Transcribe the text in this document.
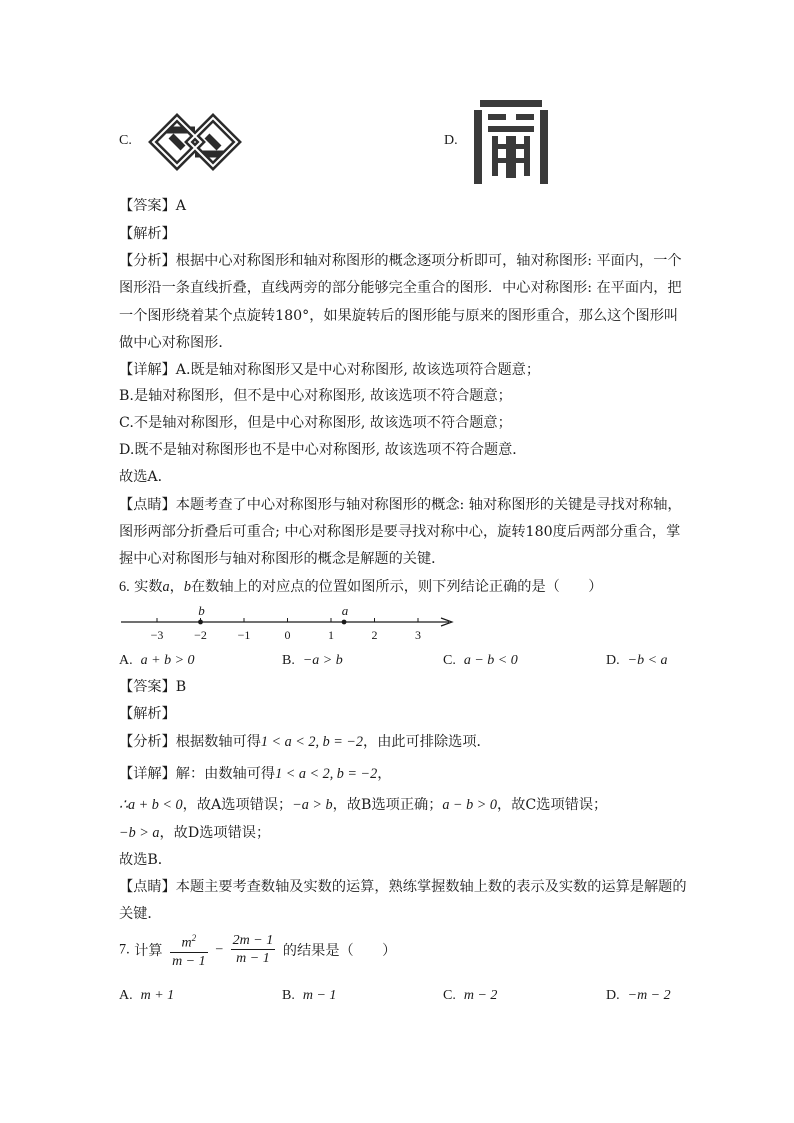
C.	D.
【答案】A
【解析】
【分析】根据中心对称图形和轴对称图形的概念逐项分析即可，轴对称图形: 平面内，一个
图形沿一条直线折叠，直线两旁的部分能够完全重合的图形．中心对称图形: 在平面内，把
一个图形绕着某个点旋转180°，如果旋转后的图形能与原来的图形重合，那么这个图形叫
做中心对称图形．
【详解】A.既是轴对称图形又是中心对称图形, 故该选项符合题意；
B.是轴对称图形，但不是中心对称图形, 故该选项不符合题意；
C.不是轴对称图形，但是中心对称图形, 故该选项不符合题意；
D.既不是轴对称图形也不是中心对称图形, 故该选项不符合题意．
故选A．
【点睛】本题考查了中心对称图形与轴对称图形的概念: 轴对称图形的关键是寻找对称轴，
图形两部分折叠后可重合; 中心对称图形是要寻找对称中心，旋转180度后两部分重合，掌
握中心对称图形与轴对称图形的概念是解题的关键．
6. 实数a，b在数轴上的对应点的位置如图所示，则下列结论正确的是（　　）
−3	−2	−1	0	1	2	3
b	a
A. a + b > 0	B. −a > b	C. a − b < 0	D. −b < a
【答案】B
【解析】
【分析】根据数轴可得1 < a < 2, b = −2，由此可排除选项．
【详解】解：由数轴可得1 < a < 2, b = −2，
∴a + b < 0，故A选项错误；−a > b，故B选项正确；a − b > 0，故C选项错误；
−b > a，故D选项错误；
故选B．
【点睛】本题主要考查数轴及实数的运算，熟练掌握数轴上数的表示及实数的运算是解题的
关键．
7. 计算 $\frac{m^2}{m - 1} - \frac{2m - 1}{m - 1}$ 的结果是（　　）
A. m + 1	B. m − 1	C. m − 2	D. −m − 2
